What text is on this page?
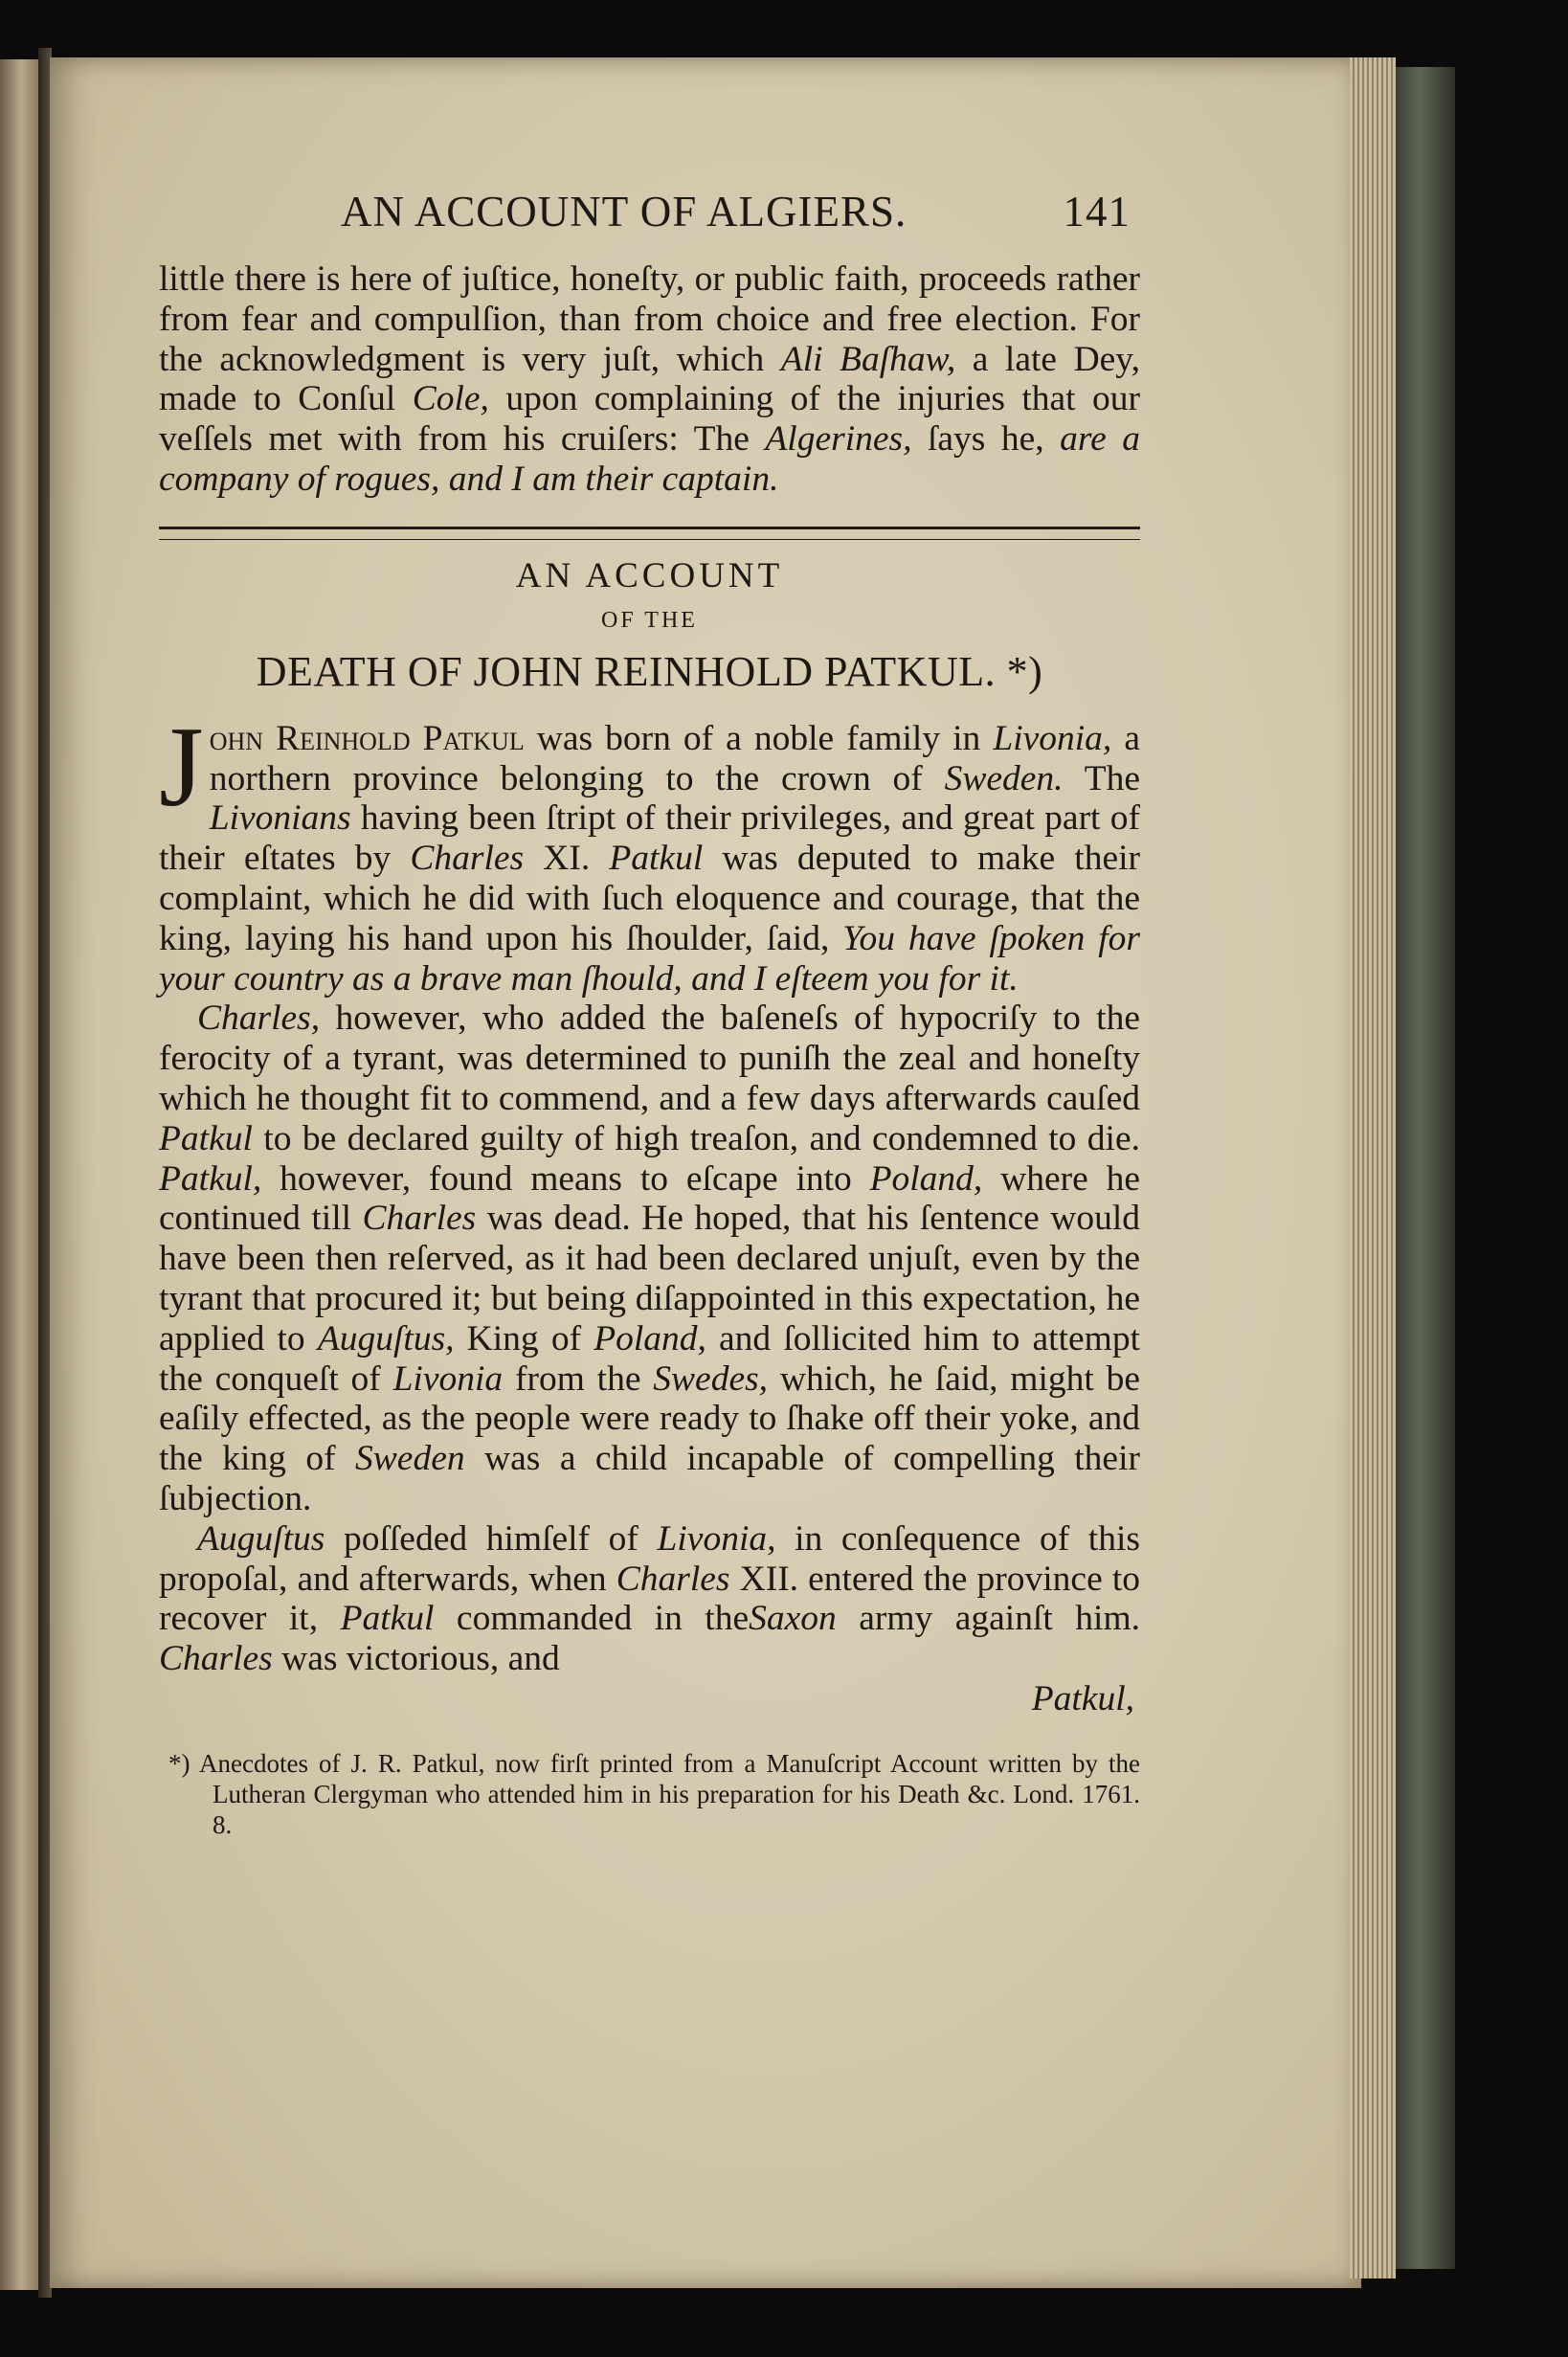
AN ACCOUNT OF ALGIERS.	141

little there is here of juſtice, honeſty, or public faith, proceeds rather from fear and compulſion, than from choice and free election. For the acknowledgment is very juſt, which Ali Baſhaw, a late Dey, made to Conſul Cole, upon complaining of the injuries that our veſſels met with from his cruiſers: The Algerines, ſays he, are a company of rogues, and I am their captain.

AN ACCOUNT
OF THE
DEATH OF JOHN REINHOLD PATKUL. *)

John Reinhold Patkul was born of a noble family in Livonia, a northern province belonging to the crown of Sweden. The Livonians having been ſtript of their privileges, and great part of their eſtates by Charles XI. Patkul was deputed to make their complaint, which he did with ſuch eloquence and courage, that the king, laying his hand upon his ſhoulder, ſaid, You have ſpoken for your country as a brave man ſhould, and I eſteem you for it.

Charles, however, who added the baſeneſs of hypocriſy to the ferocity of a tyrant, was determined to puniſh the zeal and honeſty which he thought fit to commend, and a few days afterwards cauſed Patkul to be declared guilty of high treaſon, and condemned to die. Patkul, however, found means to eſcape into Poland, where he continued till Charles was dead. He hoped, that his ſentence would have been then reſerved, as it had been declared unjuſt, even by the tyrant that procured it; but being diſappointed in this expectation, he applied to Auguſtus, King of Poland, and ſollicited him to attempt the conqueſt of Livonia from the Swedes, which, he ſaid, might be eaſily effected, as the people were ready to ſhake off their yoke, and the king of Sweden was a child incapable of compelling their ſubjection.

Auguſtus poſſeded himſelf of Livonia, in conſequence of this propoſal, and afterwards, when Charles XII. entered the province to recover it, Patkul commanded in theSaxon army againſt him. Charles was victorious, and

Patkul,

*) Anecdotes of J. R. Patkul, now firſt printed from a Manuſcript Account written by the Lutheran Clergyman who attended him in his preparation for his Death &c. Lond. 1761. 8.
